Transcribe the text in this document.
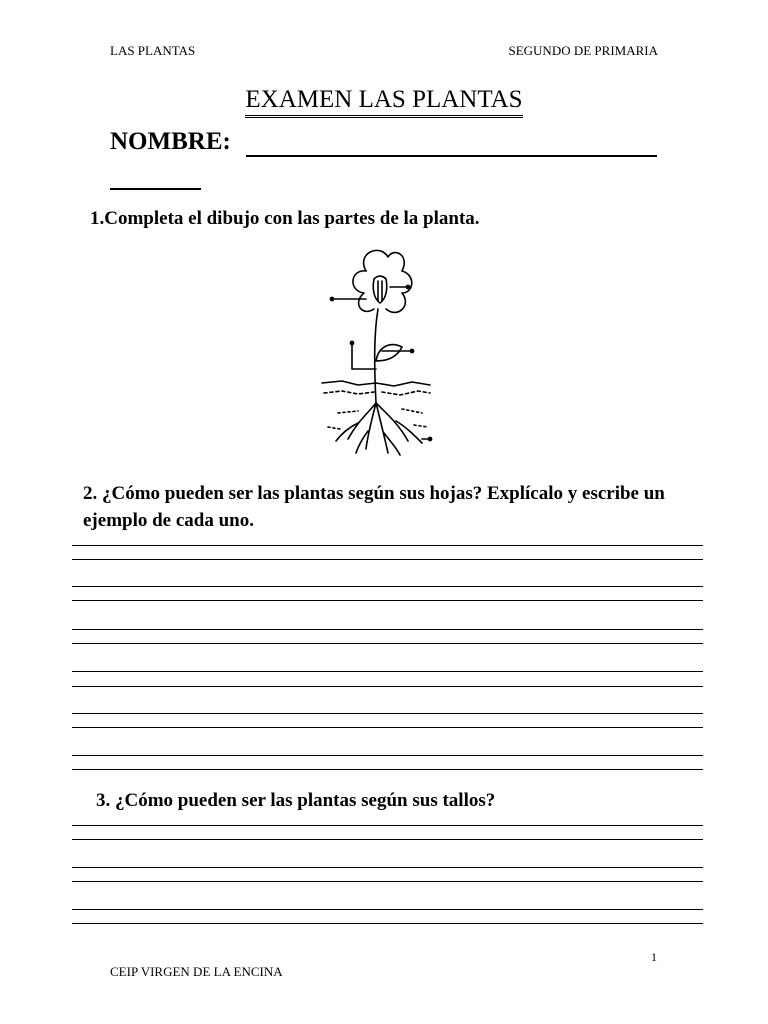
LAS PLANTAS	SEGUNDO DE PRIMARIA
EXAMEN LAS PLANTAS
NOMBRE:
1.Completa el dibujo con las partes de la planta.
2. ¿Cómo pueden ser las plantas según sus hojas? Explícalo y escribe un ejemplo de cada uno.
3. ¿Cómo pueden ser las plantas según sus tallos?
1
CEIP VIRGEN DE LA ENCINA
